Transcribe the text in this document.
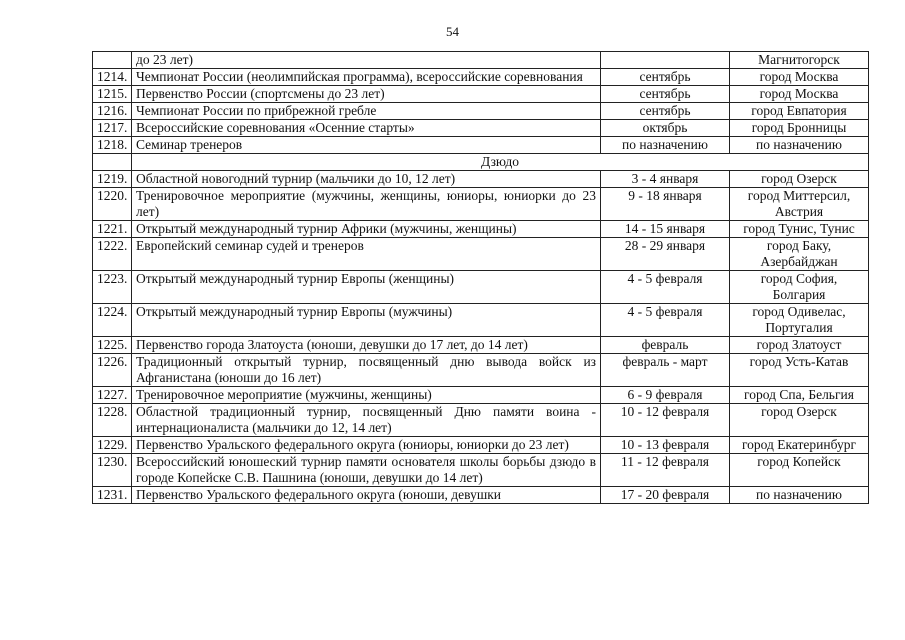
54
	до 23 лет)		Магнитогорск
1214.	Чемпионат России (неолимпийская программа), всероссийские соревнования	сентябрь	город Москва
1215.	Первенство России (спортсмены до 23 лет)	сентябрь	город Москва
1216.	Чемпионат России по прибрежной гребле	сентябрь	город Евпатория
1217.	Всероссийские соревнования «Осенние старты»	октябрь	город Бронницы
1218.	Семинар тренеров	по назначению	по назначению
	Дзюдо		
1219.	Областной новогодний турнир (мальчики до 10, 12 лет)	3 - 4 января	город Озерск
1220.	Тренировочное мероприятие (мужчины, женщины, юниоры, юниорки до 23 лет)	9 - 18 января	город Миттерсил, Австрия
1221.	Открытый международный турнир Африки (мужчины, женщины)	14 - 15 января	город Тунис, Тунис
1222.	Европейский семинар судей и тренеров	28 - 29 января	город Баку, Азербайджан
1223.	Открытый международный турнир Европы (женщины)	4 - 5 февраля	город София, Болгария
1224.	Открытый международный турнир Европы (мужчины)	4 - 5 февраля	город Одивелас, Португалия
1225.	Первенство города Златоуста (юноши, девушки до 17 лет, до 14 лет)	февраль	город Златоуст
1226.	Традиционный открытый турнир, посвященный дню вывода войск из Афганистана (юноши до 16 лет)	февраль - март	город Усть-Катав
1227.	Тренировочное мероприятие (мужчины, женщины)	6 - 9 февраля	город Спа, Бельгия
1228.	Областной традиционный турнир, посвященный Дню памяти воина - интернационалиста (мальчики до 12, 14 лет)	10 - 12 февраля	город Озерск
1229.	Первенство Уральского федерального округа (юниоры, юниорки до 23 лет)	10 - 13 февраля	город Екатеринбург
1230.	Всероссийский юношеский турнир памяти основателя школы борьбы дзюдо в городе Копейске С.В. Пашнина (юноши, девушки до 14 лет)	11 - 12 февраля	город Копейск
1231.	Первенство Уральского федерального округа (юноши, девушки	17 - 20 февраля	по назначению
